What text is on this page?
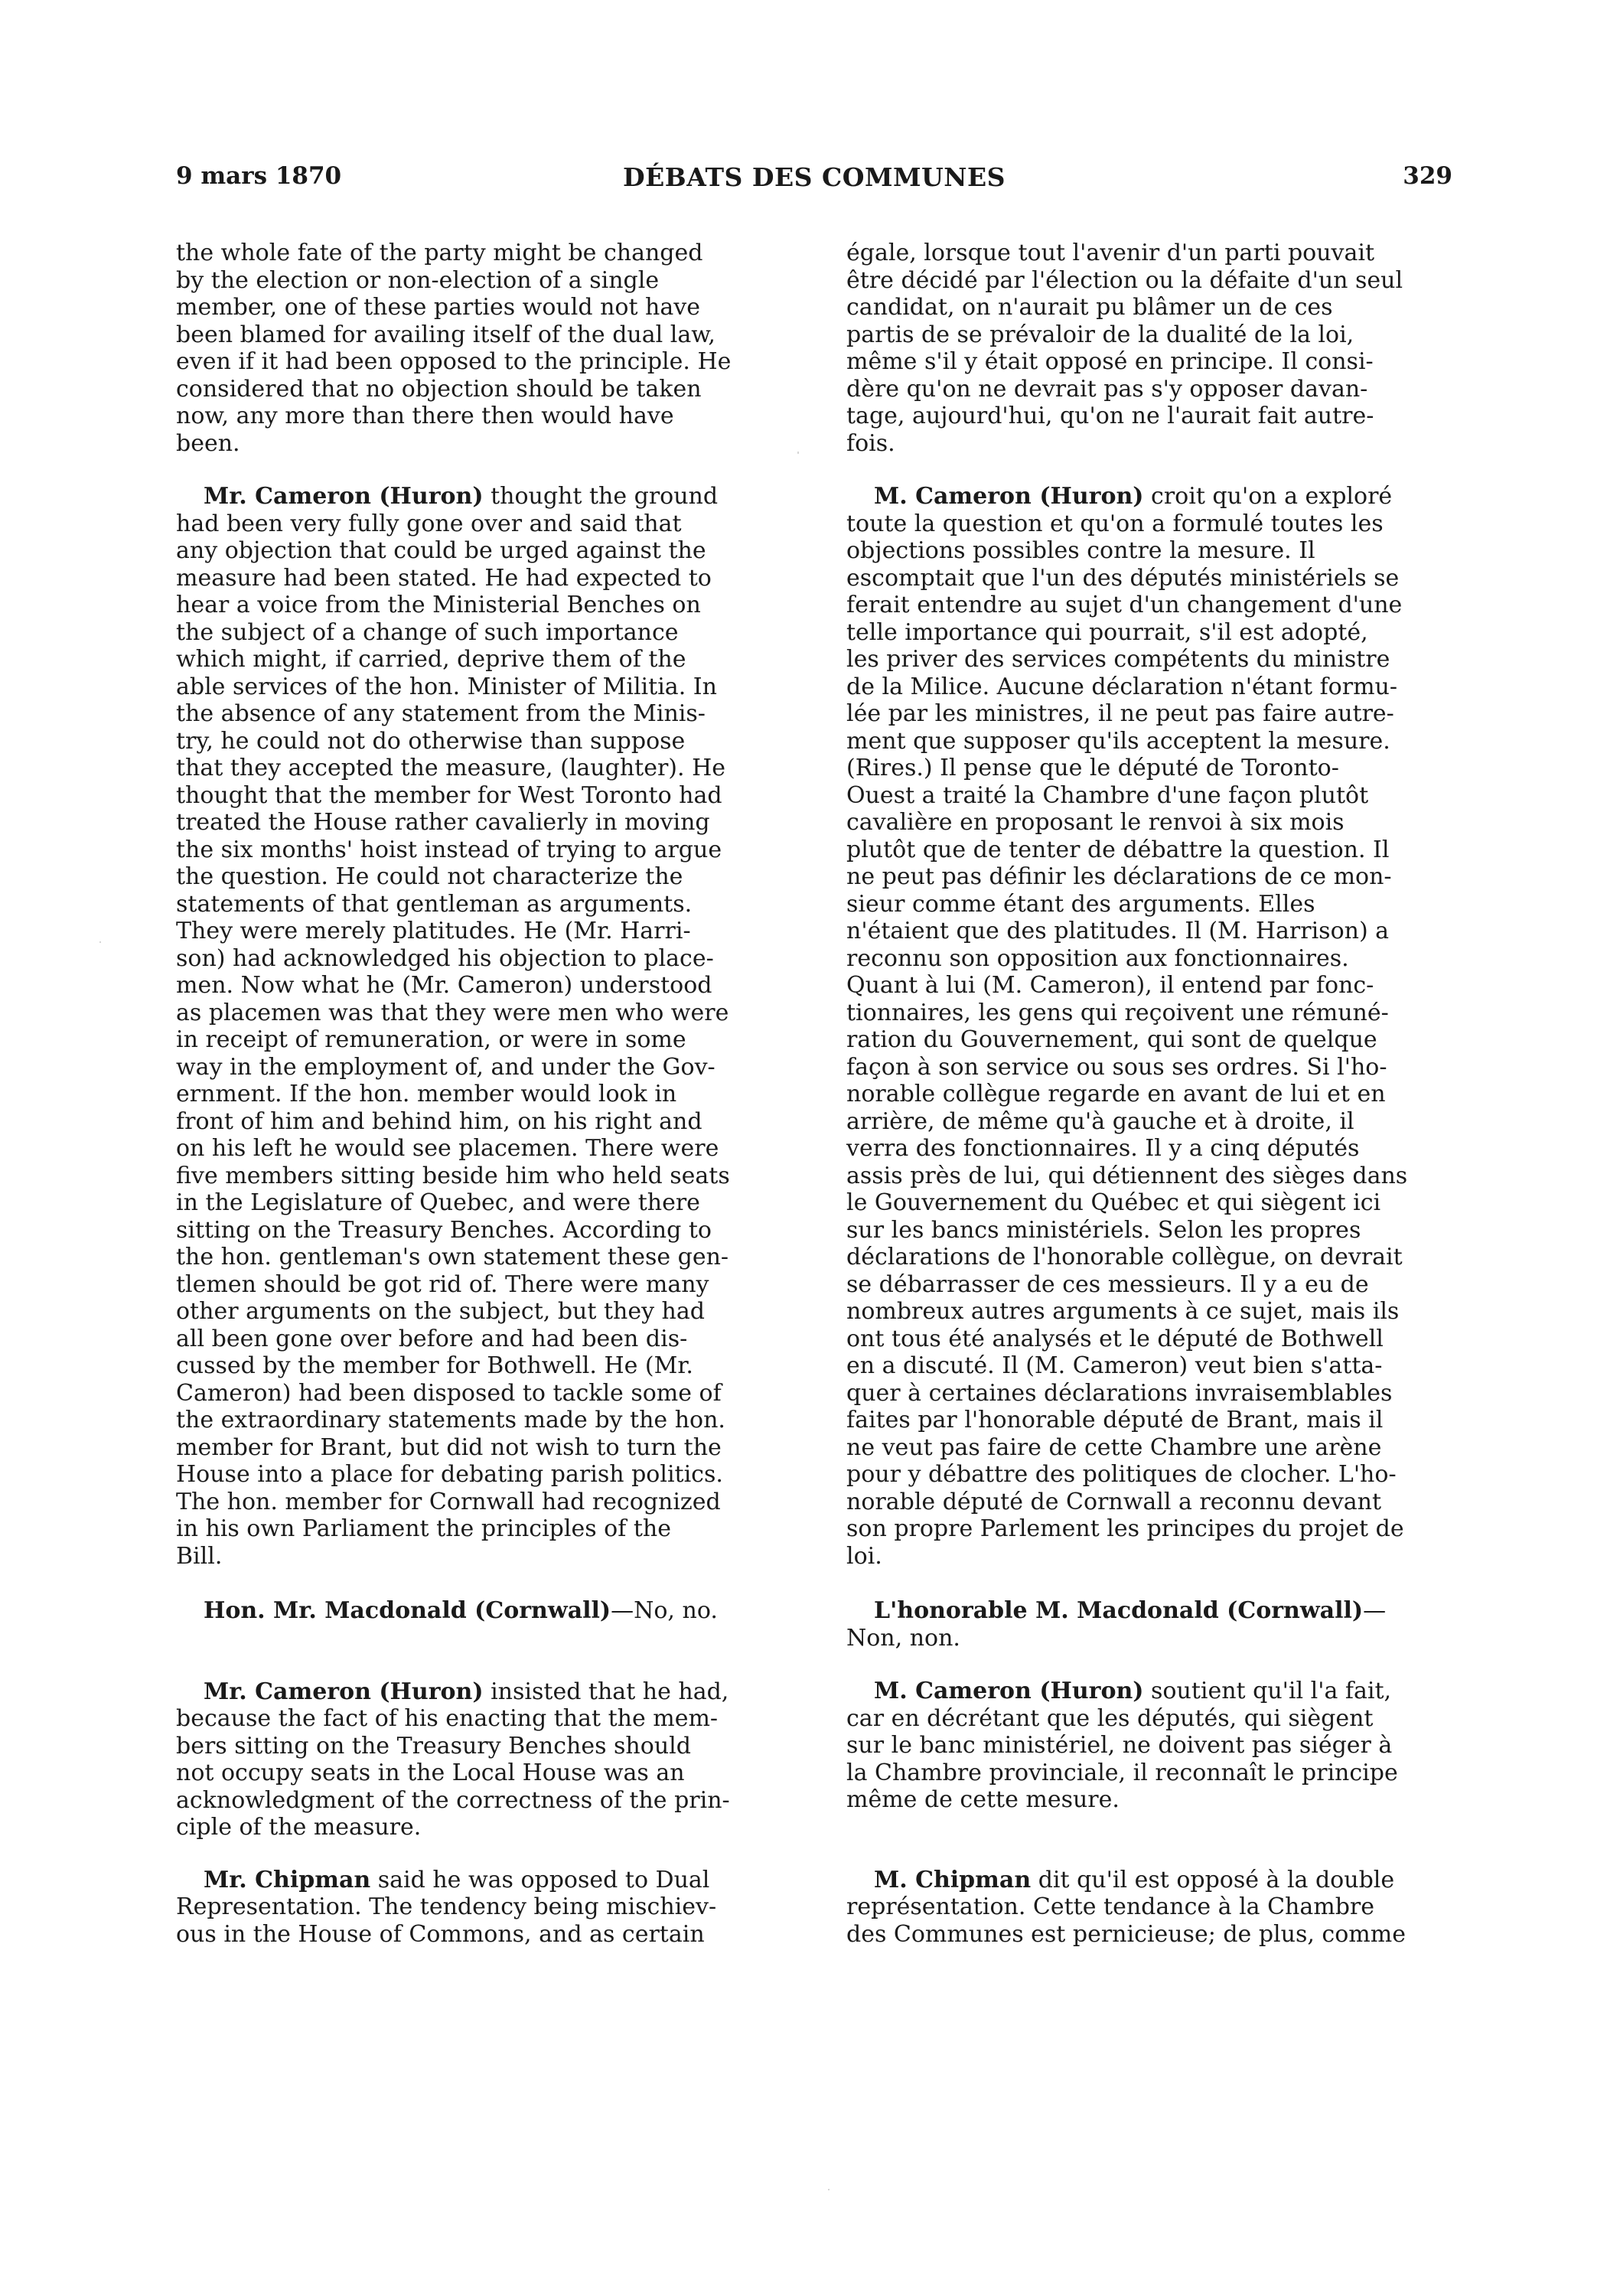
9 mars 1870	DÉBATS DES COMMUNES	329

the whole fate of the party might be changed
by the election or non-election of a single
member, one of these parties would not have
been blamed for availing itself of the dual law,
even if it had been opposed to the principle. He
considered that no objection should be taken
now, any more than there then would have
been.

Mr. Cameron (Huron) thought the ground
had been very fully gone over and said that
any objection that could be urged against the
measure had been stated. He had expected to
hear a voice from the Ministerial Benches on
the subject of a change of such importance
which might, if carried, deprive them of the
able services of the hon. Minister of Militia. In
the absence of any statement from the Minis-
try, he could not do otherwise than suppose
that they accepted the measure, (laughter). He
thought that the member for West Toronto had
treated the House rather cavalierly in moving
the six months' hoist instead of trying to argue
the question. He could not characterize the
statements of that gentleman as arguments.
They were merely platitudes. He (Mr. Harri-
son) had acknowledged his objection to place-
men. Now what he (Mr. Cameron) understood
as placemen was that they were men who were
in receipt of remuneration, or were in some
way in the employment of, and under the Gov-
ernment. If the hon. member would look in
front of him and behind him, on his right and
on his left he would see placemen. There were
five members sitting beside him who held seats
in the Legislature of Quebec, and were there
sitting on the Treasury Benches. According to
the hon. gentleman's own statement these gen-
tlemen should be got rid of. There were many
other arguments on the subject, but they had
all been gone over before and had been dis-
cussed by the member for Bothwell. He (Mr.
Cameron) had been disposed to tackle some of
the extraordinary statements made by the hon.
member for Brant, but did not wish to turn the
House into a place for debating parish politics.
The hon. member for Cornwall had recognized
in his own Parliament the principles of the
Bill.

Hon. Mr. Macdonald (Cornwall)—No, no.

Mr. Cameron (Huron) insisted that he had,
because the fact of his enacting that the mem-
bers sitting on the Treasury Benches should
not occupy seats in the Local House was an
acknowledgment of the correctness of the prin-
ciple of the measure.

Mr. Chipman said he was opposed to Dual
Representation. The tendency being mischiev-
ous in the House of Commons, and as certain

égale, lorsque tout l'avenir d'un parti pouvait
être décidé par l'élection ou la défaite d'un seul
candidat, on n'aurait pu blâmer un de ces
partis de se prévaloir de la dualité de la loi,
même s'il y était opposé en principe. Il consi-
dère qu'on ne devrait pas s'y opposer davan-
tage, aujourd'hui, qu'on ne l'aurait fait autre-
fois.

M. Cameron (Huron) croit qu'on a exploré
toute la question et qu'on a formulé toutes les
objections possibles contre la mesure. Il
escomptait que l'un des députés ministériels se
ferait entendre au sujet d'un changement d'une
telle importance qui pourrait, s'il est adopté,
les priver des services compétents du ministre
de la Milice. Aucune déclaration n'étant formu-
lée par les ministres, il ne peut pas faire autre-
ment que supposer qu'ils acceptent la mesure.
(Rires.) Il pense que le député de Toronto-
Ouest a traité la Chambre d'une façon plutôt
cavalière en proposant le renvoi à six mois
plutôt que de tenter de débattre la question. Il
ne peut pas définir les déclarations de ce mon-
sieur comme étant des arguments. Elles
n'étaient que des platitudes. Il (M. Harrison) a
reconnu son opposition aux fonctionnaires.
Quant à lui (M. Cameron), il entend par fonc-
tionnaires, les gens qui reçoivent une rémuné-
ration du Gouvernement, qui sont de quelque
façon à son service ou sous ses ordres. Si l'ho-
norable collègue regarde en avant de lui et en
arrière, de même qu'à gauche et à droite, il
verra des fonctionnaires. Il y a cinq députés
assis près de lui, qui détiennent des sièges dans
le Gouvernement du Québec et qui siègent ici
sur les bancs ministériels. Selon les propres
déclarations de l'honorable collègue, on devrait
se débarrasser de ces messieurs. Il y a eu de
nombreux autres arguments à ce sujet, mais ils
ont tous été analysés et le député de Bothwell
en a discuté. Il (M. Cameron) veut bien s'atta-
quer à certaines déclarations invraisemblables
faites par l'honorable député de Brant, mais il
ne veut pas faire de cette Chambre une arène
pour y débattre des politiques de clocher. L'ho-
norable député de Cornwall a reconnu devant
son propre Parlement les principes du projet de
loi.

L'honorable M. Macdonald (Cornwall)—
Non, non.

M. Cameron (Huron) soutient qu'il l'a fait,
car en décrétant que les députés, qui siègent
sur le banc ministériel, ne doivent pas siéger à
la Chambre provinciale, il reconnaît le principe
même de cette mesure.

M. Chipman dit qu'il est opposé à la double
représentation. Cette tendance à la Chambre
des Communes est pernicieuse; de plus, comme
